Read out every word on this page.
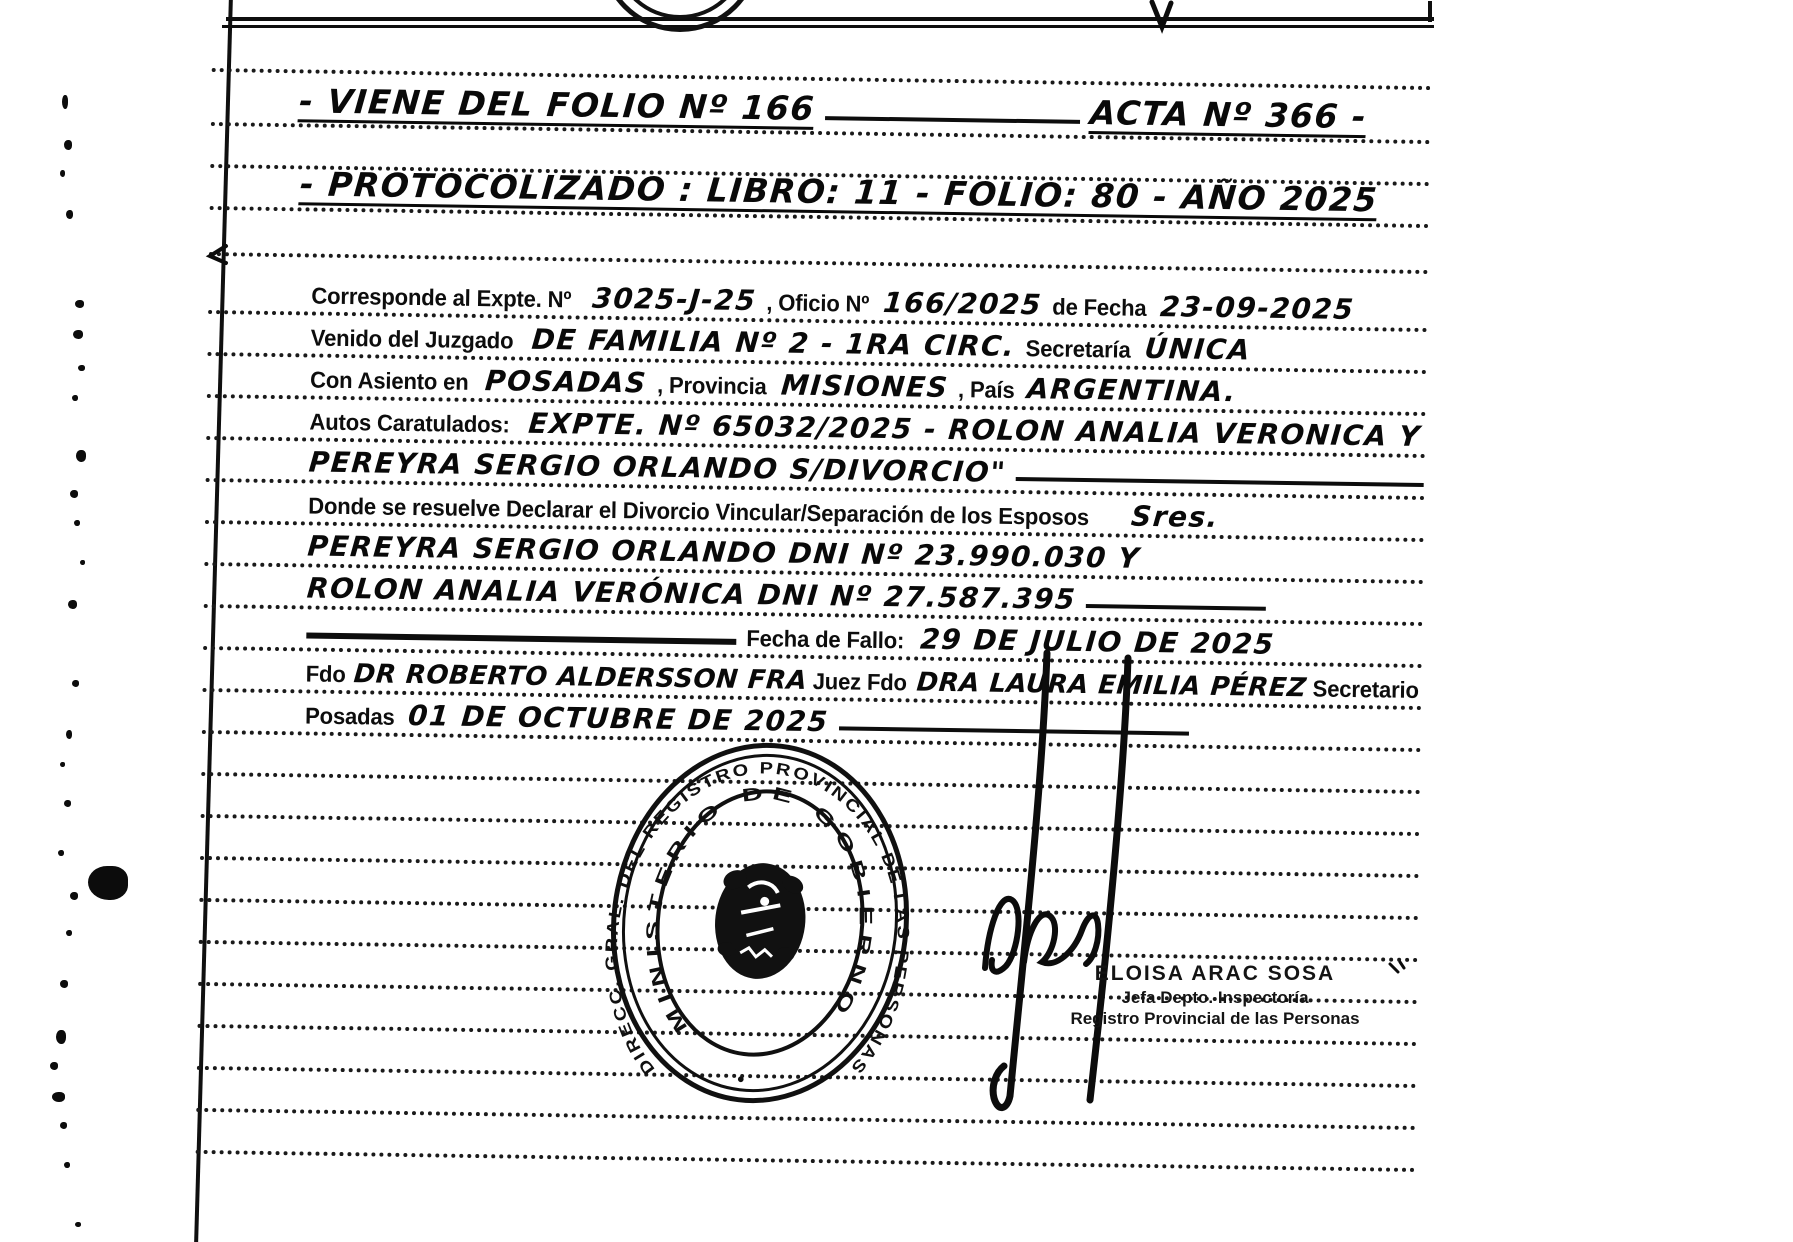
- VIENE DEL FOLIO Nº 166	ACTA Nº 366 -
- PROTOCOLIZADO : LIBRO: 11 - FOLIO: 80 - AÑO 2025
Corresponde al Expte. Nº 3025-J-25 , Oficio Nº 166/2025 de Fecha 23-09-2025
Venido del Juzgado DE FAMILIA Nº 2 - 1RA CIRC. Secretaría ÚNICA
Con Asiento en POSADAS , Provincia MISIONES , País ARGENTINA.
Autos Caratulados: EXPTE. Nº 65032/2025 - ROLON ANALIA VERONICA Y
PEREYRA SERGIO ORLANDO S/DIVORCIO"
Donde se resuelve Declarar el Divorcio Vincular/Separación de los Esposos Sres.
PEREYRA SERGIO ORLANDO DNI Nº 23.990.030 Y
ROLON ANALIA VERÓNICA DNI Nº 27.587.395
Fecha de Fallo: 29 DE JULIO DE 2025
Fdo DR ROBERTO ALDERSSON FRA Juez Fdo DRA LAURA EMILIA PÉREZ Secretario
Posadas 01 DE OCTUBRE DE 2025
DIRECC. GRAL. DEL REGISTRO PROVINCIAL DE LAS PERSONAS
MINISTERIO DE GOBIERNO
•
ELOISA ARAC SOSA
Jefa Depto. Inspectoría
Registro Provincial de las Personas
